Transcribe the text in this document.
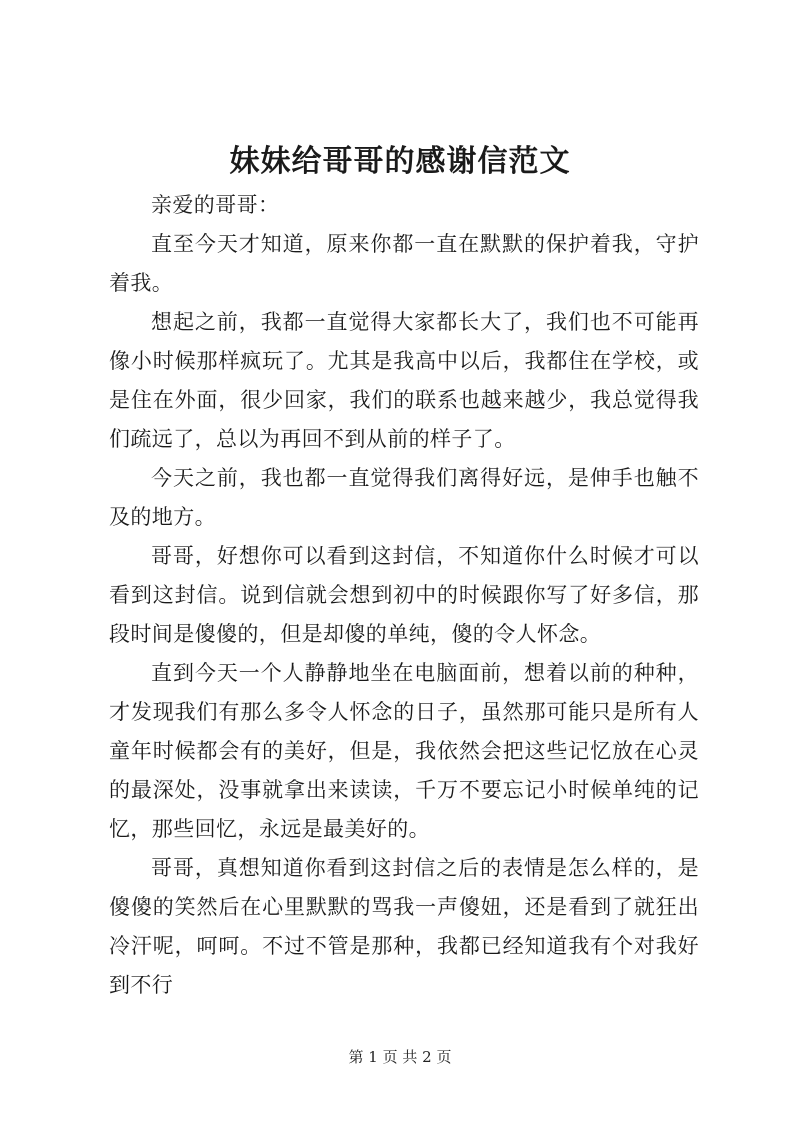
妹妹给哥哥的感谢信范文

亲爱的哥哥：

直至今天才知道，原来你都一直在默默的保护着我，守护着我。

想起之前，我都一直觉得大家都长大了，我们也不可能再像小时候那样疯玩了。尤其是我高中以后，我都住在学校，或是住在外面，很少回家，我们的联系也越来越少，我总觉得我们疏远了，总以为再回不到从前的样子了。

今天之前，我也都一直觉得我们离得好远，是伸手也触不及的地方。

哥哥，好想你可以看到这封信，不知道你什么时候才可以看到这封信。说到信就会想到初中的时候跟你写了好多信，那段时间是傻傻的，但是却傻的单纯，傻的令人怀念。

直到今天一个人静静地坐在电脑面前，想着以前的种种，才发现我们有那么多令人怀念的日子，虽然那可能只是所有人童年时候都会有的美好，但是，我依然会把这些记忆放在心灵的最深处，没事就拿出来读读，千万不要忘记小时候单纯的记忆，那些回忆，永远是最美好的。

哥哥，真想知道你看到这封信之后的表情是怎么样的，是傻傻的笑然后在心里默默的骂我一声傻妞，还是看到了就狂出冷汗呢，呵呵。不过不管是那种，我都已经知道我有个对我好到不行

第 1 页 共 2 页
